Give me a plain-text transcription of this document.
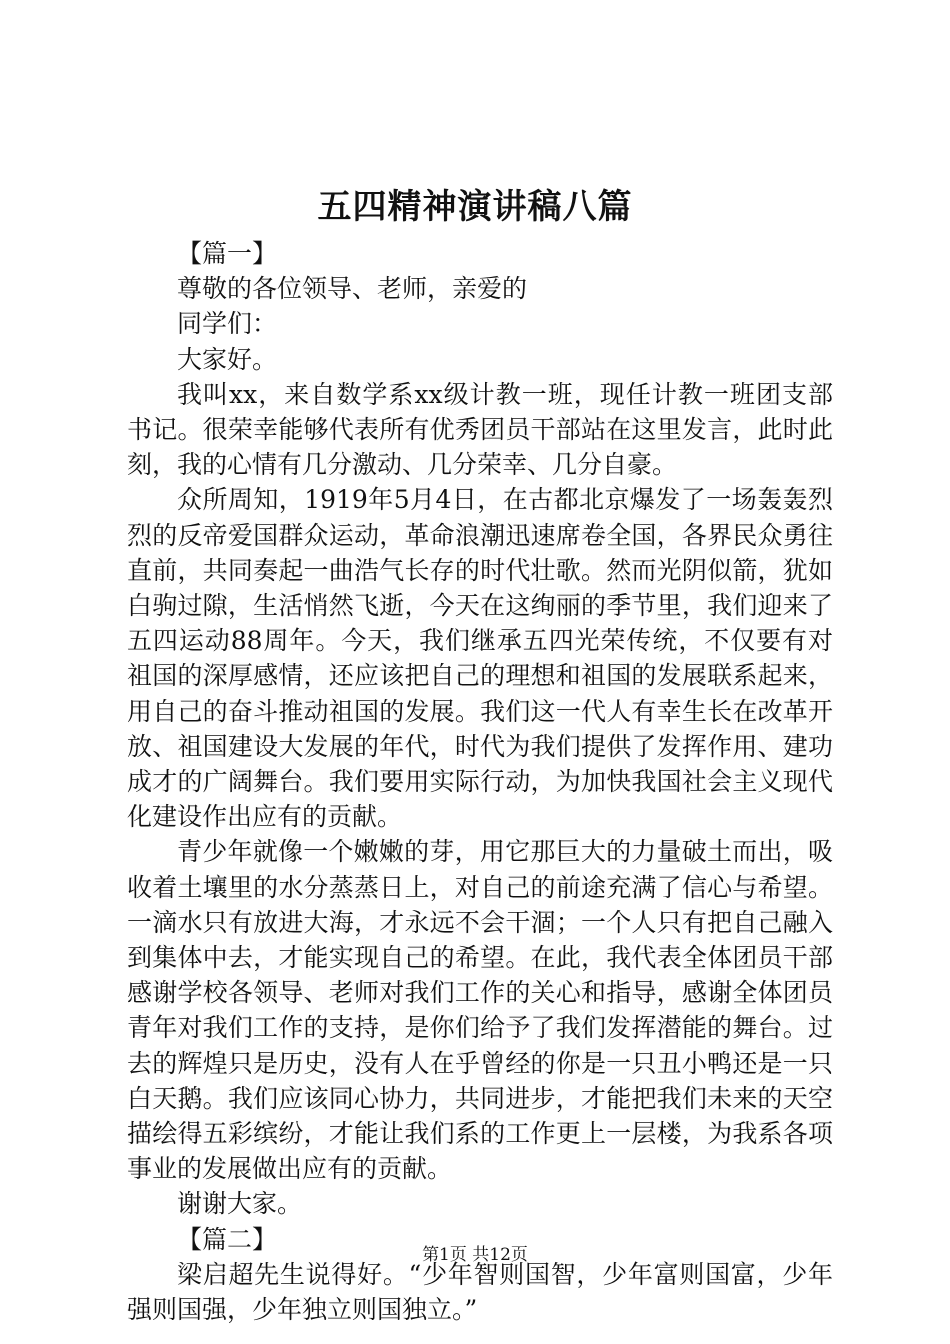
五四精神演讲稿八篇

【篇一】

尊敬的各位领导、老师，亲爱的

同学们：

大家好。

我叫xx，来自数学系xx级计教一班，现任计教一班团支部书记。很荣幸能够代表所有优秀团员干部站在这里发言，此时此刻，我的心情有几分激动、几分荣幸、几分自豪。

众所周知，1919年5月4日，在古都北京爆发了一场轰轰烈烈的反帝爱国群众运动，革命浪潮迅速席卷全国，各界民众勇往直前，共同奏起一曲浩气长存的时代壮歌。然而光阴似箭，犹如白驹过隙，生活悄然飞逝，今天在这绚丽的季节里，我们迎来了五四运动88周年。今天，我们继承五四光荣传统，不仅要有对祖国的深厚感情，还应该把自己的理想和祖国的发展联系起来，用自己的奋斗推动祖国的发展。我们这一代人有幸生长在改革开放、祖国建设大发展的年代，时代为我们提供了发挥作用、建功成才的广阔舞台。我们要用实际行动，为加快我国社会主义现代化建设作出应有的贡献。

青少年就像一个嫩嫩的芽，用它那巨大的力量破土而出，吸收着土壤里的水分蒸蒸日上，对自己的前途充满了信心与希望。一滴水只有放进大海，才永远不会干涸；一个人只有把自己融入到集体中去，才能实现自己的希望。在此，我代表全体团员干部感谢学校各领导、老师对我们工作的关心和指导，感谢全体团员青年对我们工作的支持，是你们给予了我们发挥潜能的舞台。过去的辉煌只是历史，没有人在乎曾经的你是一只丑小鸭还是一只白天鹅。我们应该同心协力，共同进步，才能把我们未来的天空描绘得五彩缤纷，才能让我们系的工作更上一层楼，为我系各项事业的发展做出应有的贡献。

谢谢大家。

【篇二】

梁启超先生说得好。“少年智则国智，少年富则国富，少年强则国强，少年独立则国独立。”

第1页 共12页
